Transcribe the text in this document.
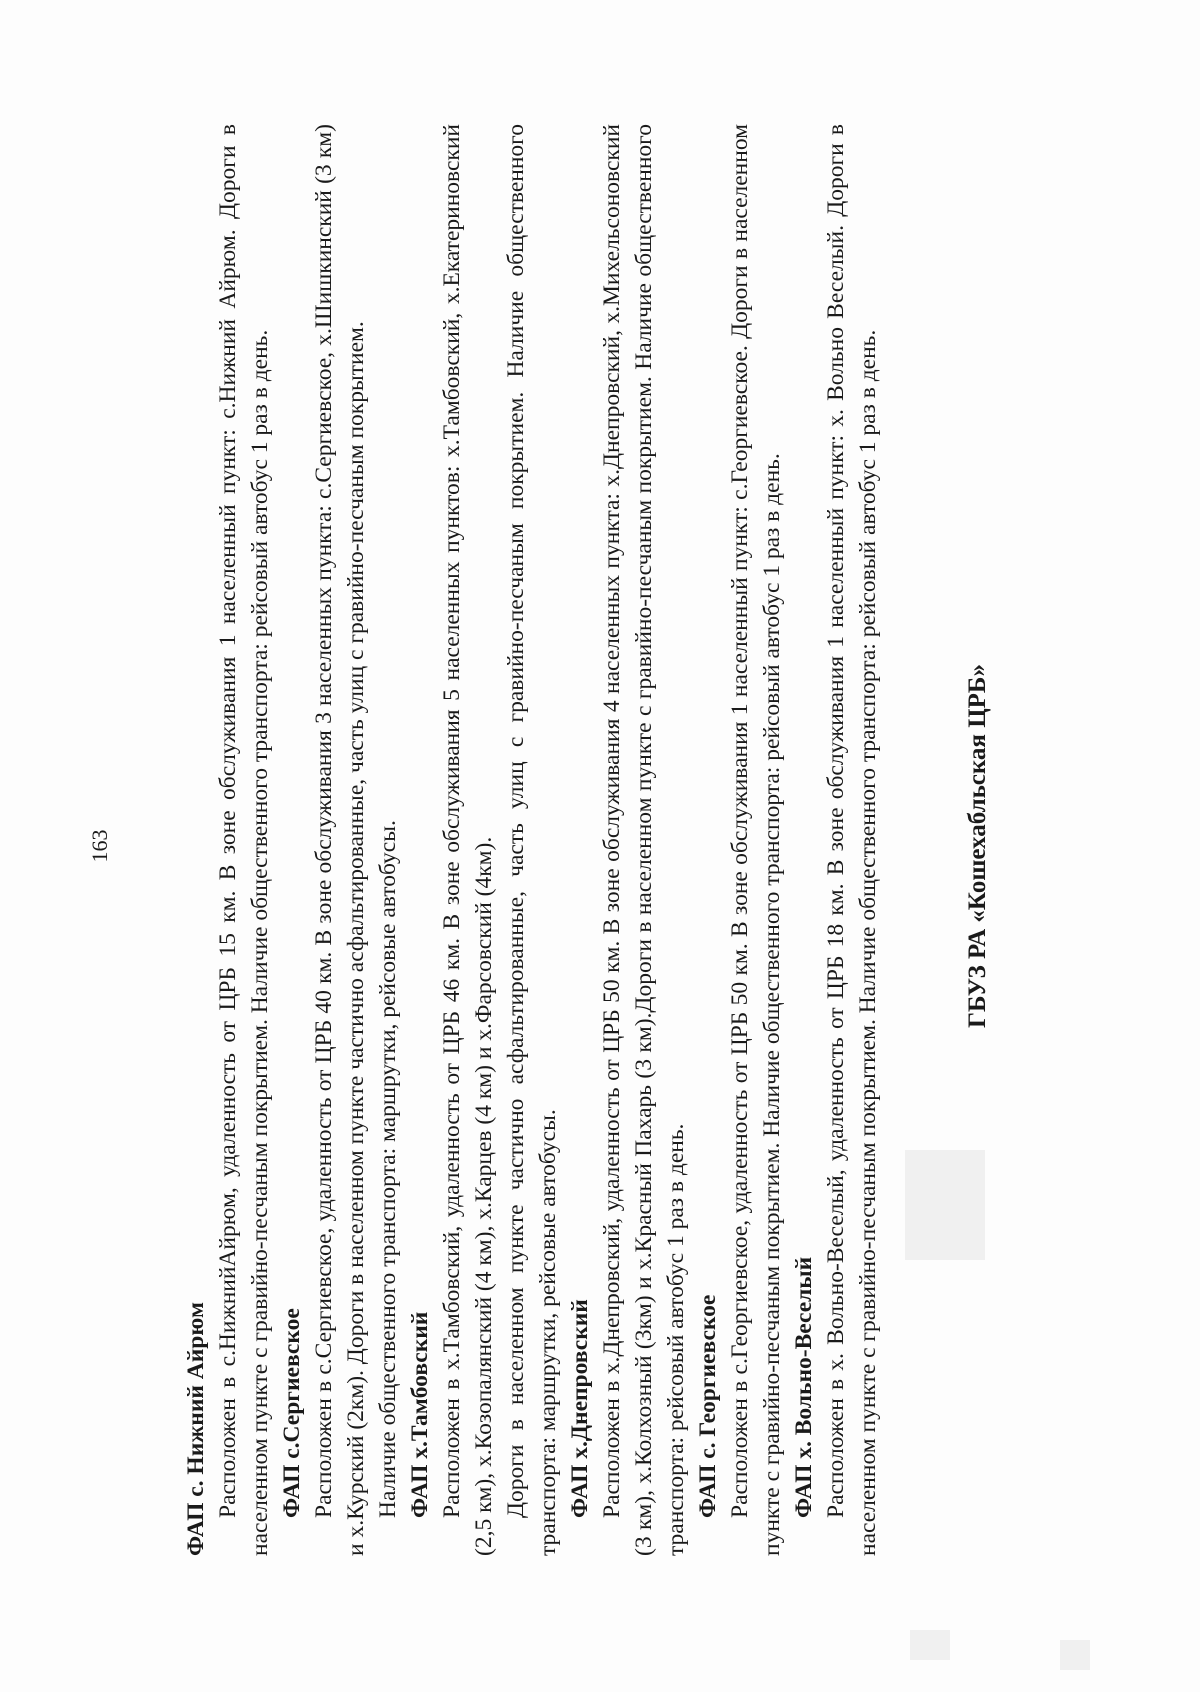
163
ФАП с. Нижний Айрюм Расположен в с.НижнийАйрюм, удаленность от ЦРБ 15 км. В зоне обслуживания 1 населенный пункт: с.Нижний Айрюм. Дороги в населенном пункте с гравийно-песчаным покрытием. Наличие общественного транспорта: рейсовый автобус 1 раз в день. ФАП с.Сергиевское Расположен в с.Сергиевское, удаленность от ЦРБ 40 км. В зоне обслуживания 3 населенных пункта: с.Сергиевское, х.Шишкинский (3 км) и х.Курский (2км). Дороги в населенном пункте частично асфальтированные, часть улиц с гравийно-песчаным покрытием. Наличие общественного транспорта: маршрутки, рейсовые автобусы. ФАП х.Тамбовский Расположен в х.Тамбовский, удаленность от ЦРБ 46 км. В зоне обслуживания 5 населенных пунктов: х.Тамбовский, х.Екатериновский (2,5 км), х.Козопалянский (4 км), х.Карцев (4 км) и х.Фарсовский (4км). Дороги в населенном пункте частично асфальтированные, часть улиц с гравийно-песчаным покрытием. Наличие общественного транспорта: маршрутки, рейсовые автобусы. ФАП х.Днепровский Расположен в х.Днепровский, удаленность от ЦРБ 50 км. В зоне обслуживания 4 населенных пункта: х.Днепровский, х.Михельсоновский (3 км), х.Колхозный (3км) и х.Красный Пахарь (3 км).Дороги в населенном пункте с гравийно-песчаным покрытием. Наличие общественного транспорта: рейсовый автобус 1 раз в день. ФАП с. Георгиевское Расположен в с.Георгиевское, удаленность от ЦРБ 50 км. В зоне обслуживания 1 населенный пункт: с.Георгиевское. Дороги в населенном пункте с гравийно-песчаным покрытием. Наличие общественного транспорта: рейсовый автобус 1 раз в день. ФАП х. Вольно-Веселый Расположен в х. Вольно-Веселый, удаленность от ЦРБ 18 км. В зоне обслуживания 1 населенный пункт: х. Вольно Веселый. Дороги в населенном пункте с гравийно-песчаным покрытием. Наличие общественного транспорта: рейсовый автобус 1 раз в день.	ГБУЗ РА «Кошехабльская ЦРБ»
